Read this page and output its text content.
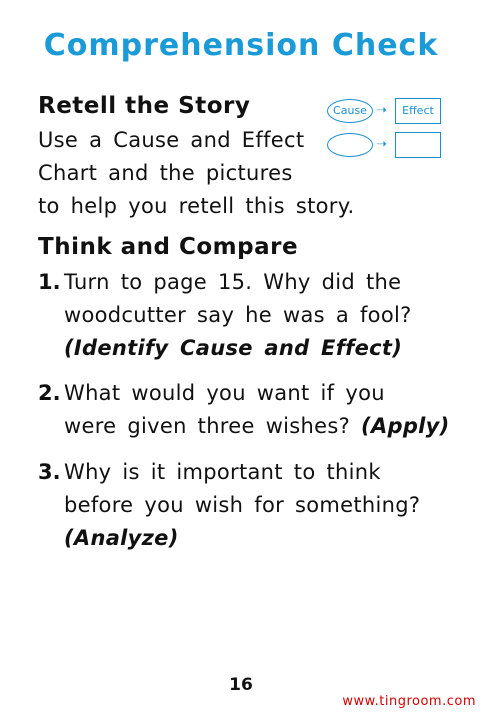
Comprehension Check
Retell the Story
Use a Cause and Effect
Chart and the pictures
to help you retell this story.
Cause ➝	Effect
➝
Think and Compare
1. Turn to page 15. Why did the
woodcutter say he was a fool?
(Identify Cause and Effect)
2. What would you want if you
were given three wishes? (Apply)
3. Why is it important to think
before you wish for something?
(Analyze)
16
www.tingroom.com
